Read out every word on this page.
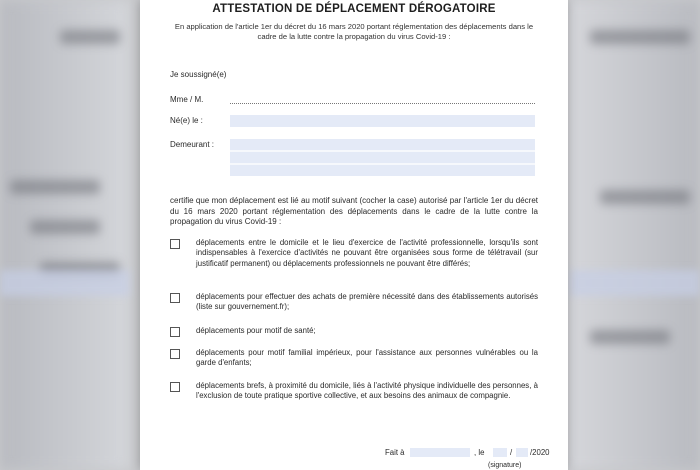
ATTESTATION DE DÉPLACEMENT DÉROGATOIRE
En application de l'article 1er du décret du 16 mars 2020 portant réglementation des déplacements dans le cadre de la lutte contre la propagation du virus Covid-19 :
Je soussigné(e)
Mme / M.
Né(e) le :
Demeurant :
certifie que mon déplacement est lié au motif suivant (cocher la case) autorisé par l'article 1er du décret du 16 mars 2020 portant réglementation des déplacements dans le cadre de la lutte contre la propagation du virus Covid-19 :
déplacements entre le domicile et le lieu d'exercice de l'activité professionnelle, lorsqu'ils sont indispensables à l'exercice d'activités ne pouvant être organisées sous forme de télétravail (sur justificatif permanent) ou déplacements professionnels ne pouvant être différés;
déplacements pour effectuer des achats de première nécessité dans des établissements autorisés (liste sur gouvernement.fr);
déplacements pour motif de santé;
déplacements pour motif familial impérieux, pour l'assistance aux personnes vulnérables ou la garde d'enfants;
déplacements brefs, à proximité du domicile, liés à l'activité physique individuelle des personnes, à l'exclusion de toute pratique sportive collective, et aux besoins des animaux de compagnie.
Fait à	, le	/ /2020
(signature)
